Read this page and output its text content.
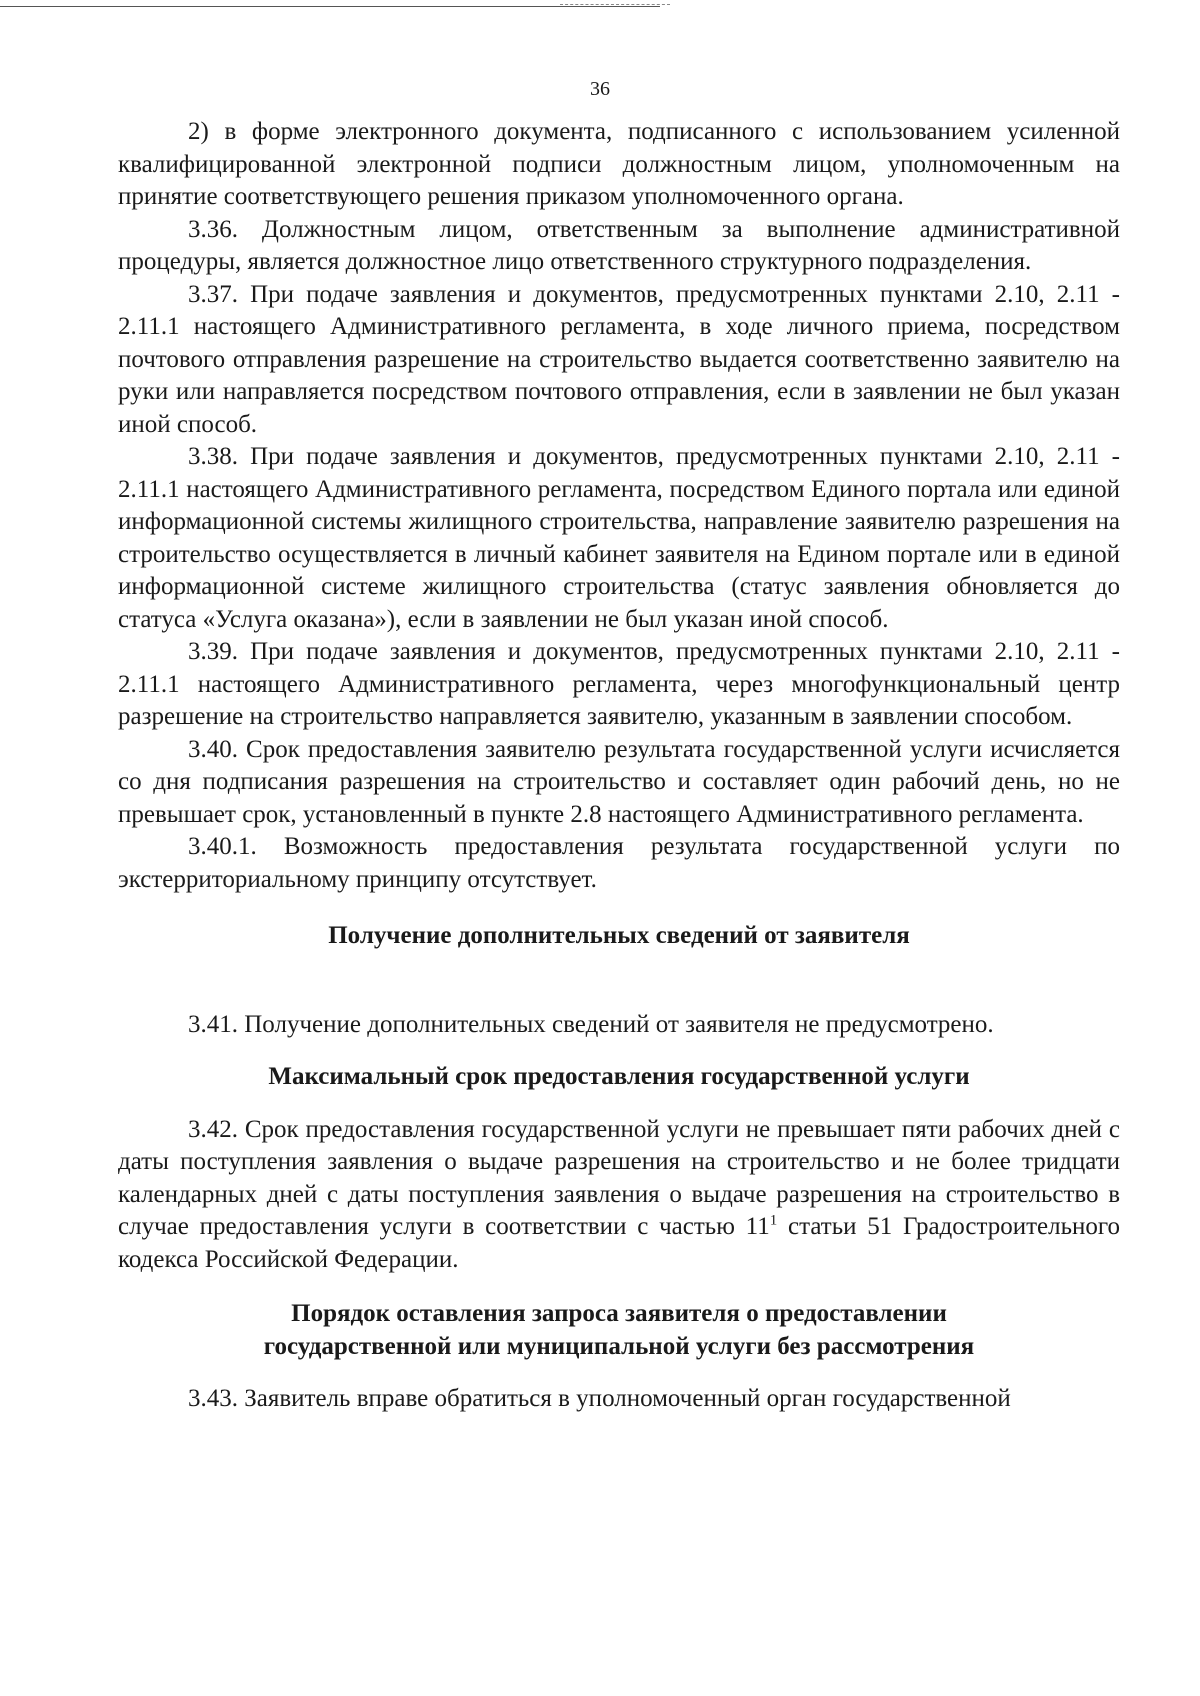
36

2) в форме электронного документа, подписанного с использованием усиленной квалифицированной электронной подписи должностным лицом, уполномоченным на принятие соответствующего решения приказом уполномоченного органа.

3.36. Должностным лицом, ответственным за выполнение административной процедуры, является должностное лицо ответственного структурного подразделения.

3.37. При подаче заявления и документов, предусмотренных пунктами 2.10, 2.11 - 2.11.1 настоящего Административного регламента, в ходе личного приема, посредством почтового отправления разрешение на строительство выдается соответственно заявителю на руки или направляется посредством почтового отправления, если в заявлении не был указан иной способ.

3.38. При подаче заявления и документов, предусмотренных пунктами 2.10, 2.11 - 2.11.1 настоящего Административного регламента, посредством Единого портала или единой информационной системы жилищного строительства, направление заявителю разрешения на строительство осуществляется в личный кабинет заявителя на Едином портале или в единой информационной системе жилищного строительства (статус заявления обновляется до статуса «Услуга оказана»), если в заявлении не был указан иной способ.

3.39. При подаче заявления и документов, предусмотренных пунктами 2.10, 2.11 - 2.11.1 настоящего Административного регламента, через многофункциональный центр разрешение на строительство направляется заявителю, указанным в заявлении способом.

3.40. Срок предоставления заявителю результата государственной услуги исчисляется со дня подписания разрешения на строительство и составляет один рабочий день, но не превышает срок, установленный в пункте 2.8 настоящего Административного регламента.

3.40.1. Возможность предоставления результата государственной услуги по экстерриториальному принципу отсутствует.

Получение дополнительных сведений от заявителя

3.41. Получение дополнительных сведений от заявителя не предусмотрено.

Максимальный срок предоставления государственной услуги

3.42. Срок предоставления государственной услуги не превышает пяти рабочих дней с даты поступления заявления о выдаче разрешения на строительство и не более тридцати календарных дней с даты поступления заявления о выдаче разрешения на строительство в случае предоставления услуги в соответствии с частью $11^1$ статьи 51 Градостроительного кодекса Российской Федерации.

Порядок оставления запроса заявителя о предоставлении
государственной или муниципальной услуги без рассмотрения

3.43. Заявитель вправе обратиться в уполномоченный орган государственной
